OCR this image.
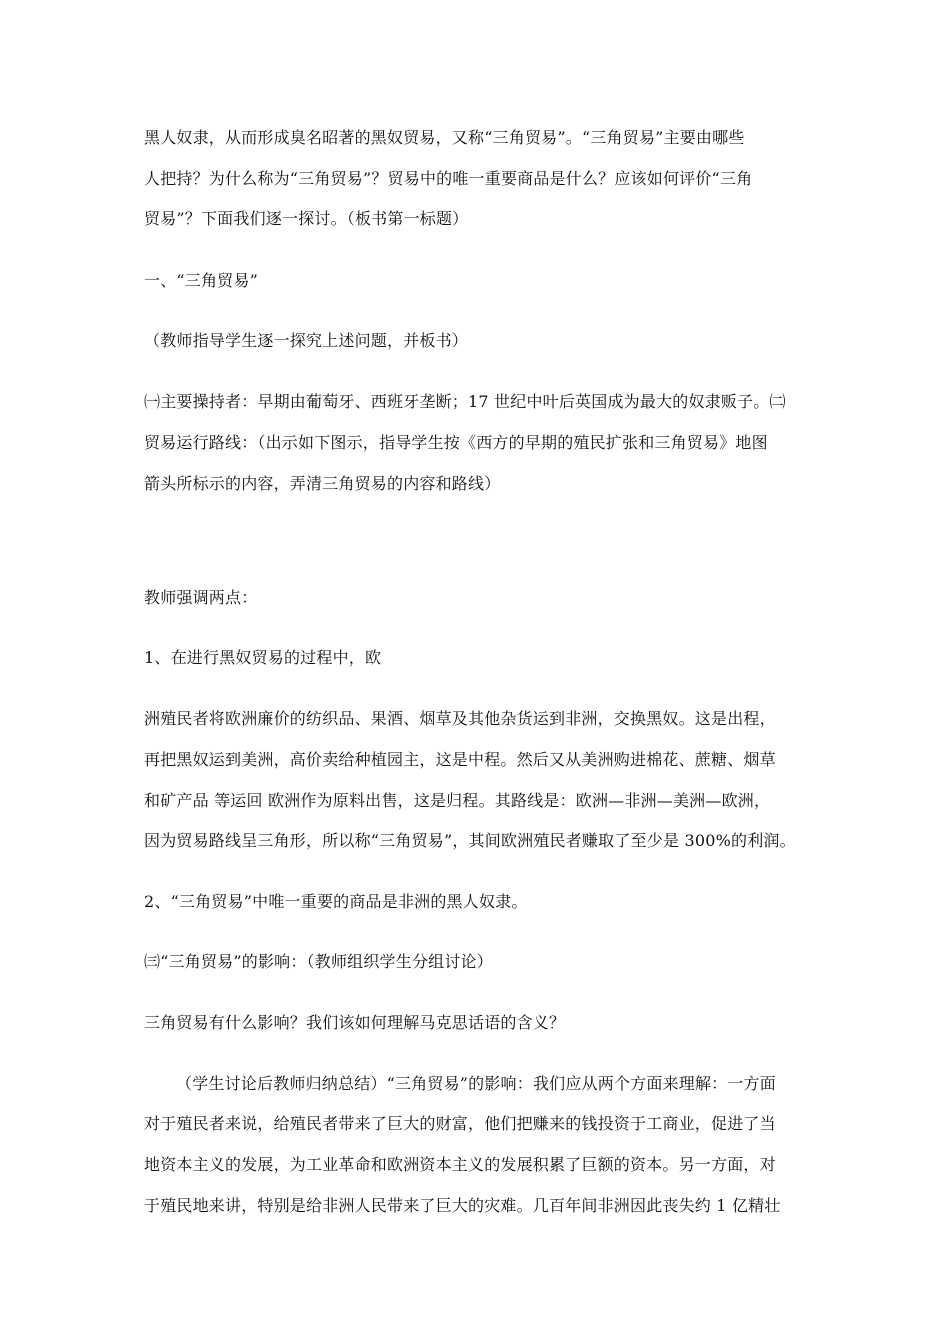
黑人奴隶，从而形成臭名昭著的黑奴贸易，又称“三角贸易”。“三角贸易”主要由哪些

人把持？为什么称为“三角贸易”？贸易中的唯一重要商品是什么？应该如何评价“三角

贸易”？下面我们逐一探讨。（板书第一标题）

一、“三角贸易”

（教师指导学生逐一探究上述问题，并板书）

㈠主要操持者：早期由葡萄牙、西班牙垄断；17 世纪中叶后英国成为最大的奴隶贩子。㈡

贸易运行路线：（出示如下图示，指导学生按《西方的早期的殖民扩张和三角贸易》地图

箭头所标示的内容，弄清三角贸易的内容和路线）

教师强调两点：

1、在进行黑奴贸易的过程中，欧

洲殖民者将欧洲廉价的纺织品、果酒、烟草及其他杂货运到非洲，交换黑奴。这是出程，

再把黑奴运到美洲，高价卖给种植园主，这是中程。然后又从美洲购进棉花、蔗糖、烟草

和矿产品 等运回 欧洲作为原料出售，这是归程。其路线是：欧洲—非洲—美洲—欧洲，

因为贸易路线呈三角形，所以称“三角贸易”，其间欧洲殖民者赚取了至少是 300%的利润。

2、“三角贸易”中唯一重要的商品是非洲的黑人奴隶。

㈢“三角贸易”的影响：（教师组织学生分组讨论）

三角贸易有什么影响？我们该如何理解马克思话语的含义？

（学生讨论后教师归纳总结）“三角贸易”的影响：我们应从两个方面来理解：一方面

对于殖民者来说，给殖民者带来了巨大的财富，他们把赚来的钱投资于工商业，促进了当

地资本主义的发展，为工业革命和欧洲资本主义的发展积累了巨额的资本。另一方面，对

于殖民地来讲，特别是给非洲人民带来了巨大的灾难。几百年间非洲因此丧失约 1 亿精壮
